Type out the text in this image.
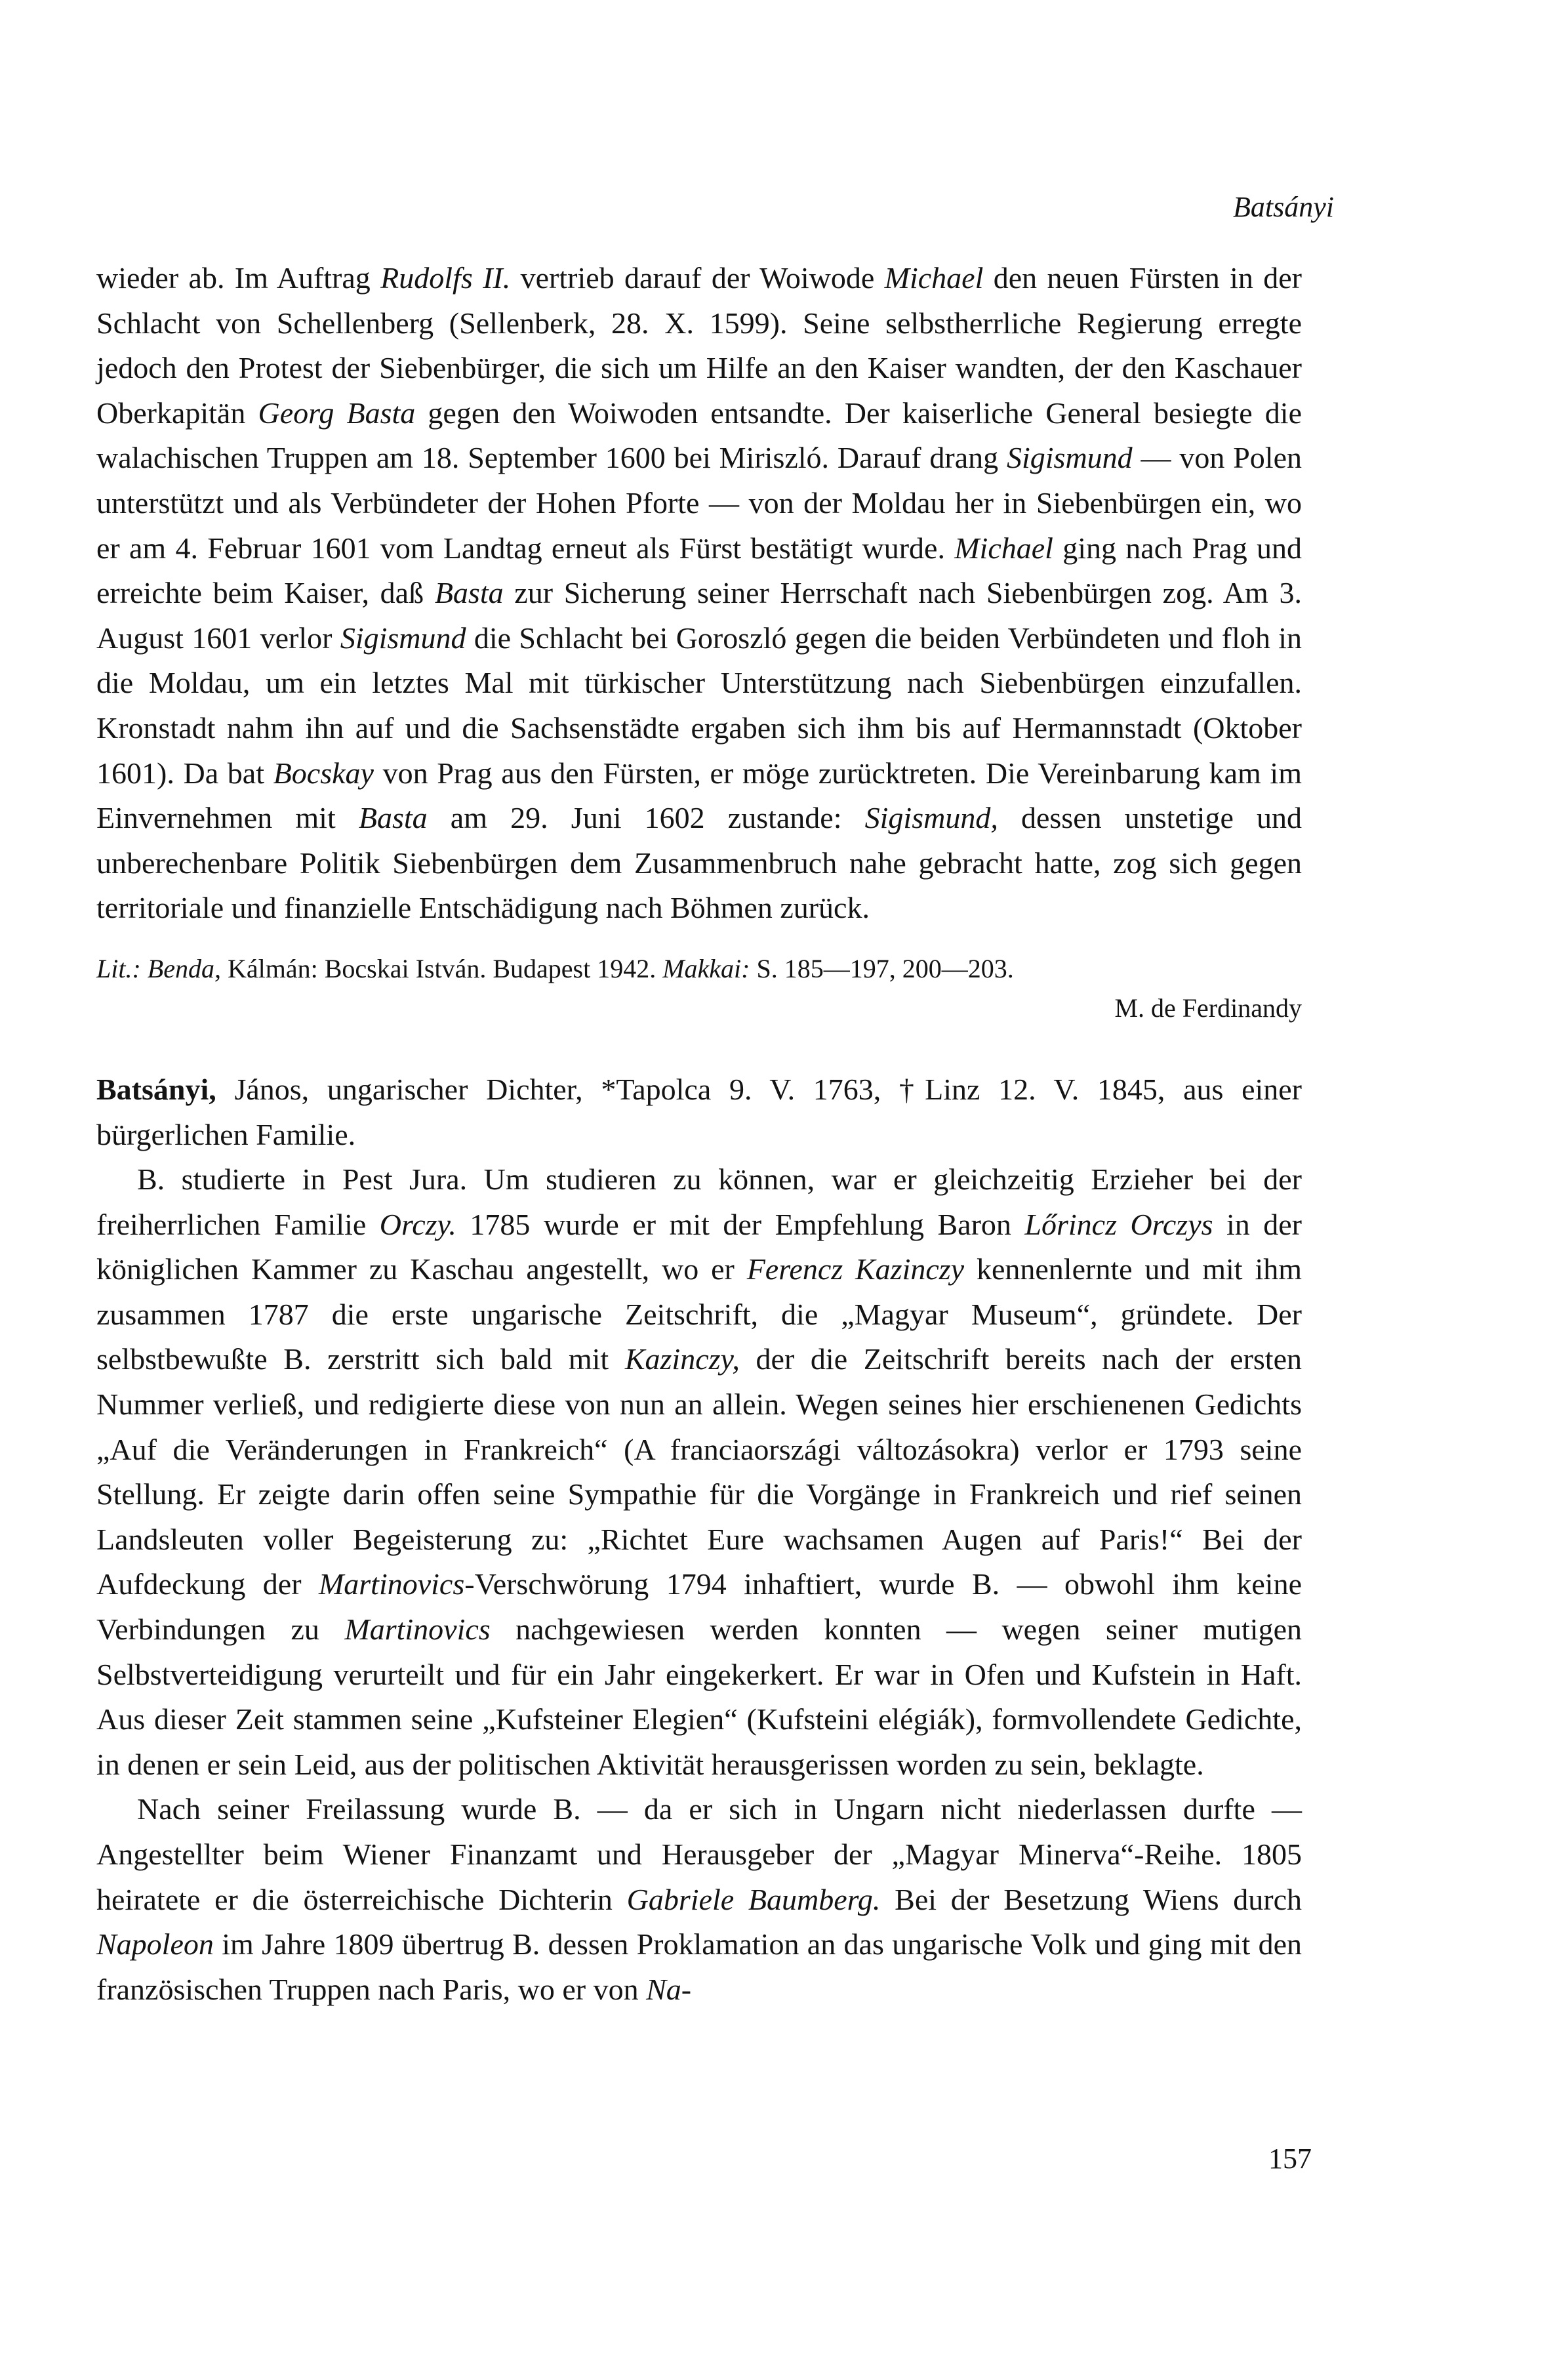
Batsányi

wieder ab. Im Auftrag Rudolfs II. vertrieb darauf der Woiwode Michael den neuen Fürsten in der Schlacht von Schellenberg (Sellenberk, 28. X. 1599). Seine selbstherrliche Regierung erregte jedoch den Protest der Siebenbürger, die sich um Hilfe an den Kaiser wandten, der den Kaschauer Oberkapitän Georg Basta gegen den Woiwoden entsandte. Der kaiserliche General besiegte die walachischen Truppen am 18. September 1600 bei Miriszló. Darauf drang Sigismund — von Polen unterstützt und als Verbündeter der Hohen Pforte — von der Moldau her in Siebenbürgen ein, wo er am 4. Februar 1601 vom Landtag erneut als Fürst bestätigt wurde. Michael ging nach Prag und erreichte beim Kaiser, daß Basta zur Sicherung seiner Herrschaft nach Siebenbürgen zog. Am 3. August 1601 verlor Sigismund die Schlacht bei Goroszló gegen die beiden Verbündeten und floh in die Moldau, um ein letztes Mal mit türkischer Unterstützung nach Siebenbürgen einzufallen. Kronstadt nahm ihn auf und die Sachsenstädte ergaben sich ihm bis auf Hermannstadt (Oktober 1601). Da bat Bocskay von Prag aus den Fürsten, er möge zurücktreten. Die Vereinbarung kam im Einvernehmen mit Basta am 29. Juni 1602 zustande: Sigismund, dessen unstetige und unberechenbare Politik Siebenbürgen dem Zusammenbruch nahe gebracht hatte, zog sich gegen territoriale und finanzielle Entschädigung nach Böhmen zurück.

Lit.: Benda, Kálmán: Bocskai István. Budapest 1942. Makkai: S. 185—197, 200—203.

M. de Ferdinandy

Batsányi, János, ungarischer Dichter, *Tapolca 9. V. 1763, †Linz 12. V. 1845, aus einer bürgerlichen Familie.

B. studierte in Pest Jura. Um studieren zu können, war er gleichzeitig Erzieher bei der freiherrlichen Familie Orczy. 1785 wurde er mit der Empfehlung Baron Lőrincz Orczys in der königlichen Kammer zu Kaschau angestellt, wo er Ferencz Kazinczy kennenlernte und mit ihm zusammen 1787 die erste ungarische Zeitschrift, die „Magyar Museum“, gründete. Der selbstbewußte B. zerstritt sich bald mit Kazinczy, der die Zeitschrift bereits nach der ersten Nummer verließ, und redigierte diese von nun an allein. Wegen seines hier erschienenen Gedichts „Auf die Veränderungen in Frankreich“ (A franciaországi változásokra) verlor er 1793 seine Stellung. Er zeigte darin offen seine Sympathie für die Vorgänge in Frankreich und rief seinen Landsleuten voller Begeisterung zu: „Richtet Eure wachsamen Augen auf Paris!“ Bei der Aufdeckung der Martinovics-Verschwörung 1794 inhaftiert, wurde B. — obwohl ihm keine Verbindungen zu Martinovics nachgewiesen werden konnten — wegen seiner mutigen Selbstverteidigung verurteilt und für ein Jahr eingekerkert. Er war in Ofen und Kufstein in Haft. Aus dieser Zeit stammen seine „Kufsteiner Elegien“ (Kufsteini elégiák), formvollendete Gedichte, in denen er sein Leid, aus der politischen Aktivität herausgerissen worden zu sein, beklagte.

Nach seiner Freilassung wurde B. — da er sich in Ungarn nicht niederlassen durfte — Angestellter beim Wiener Finanzamt und Herausgeber der „Magyar Minerva“-Reihe. 1805 heiratete er die österreichische Dichterin Gabriele Baumberg. Bei der Besetzung Wiens durch Napoleon im Jahre 1809 übertrug B. dessen Proklamation an das ungarische Volk und ging mit den französischen Truppen nach Paris, wo er von Na-

157
